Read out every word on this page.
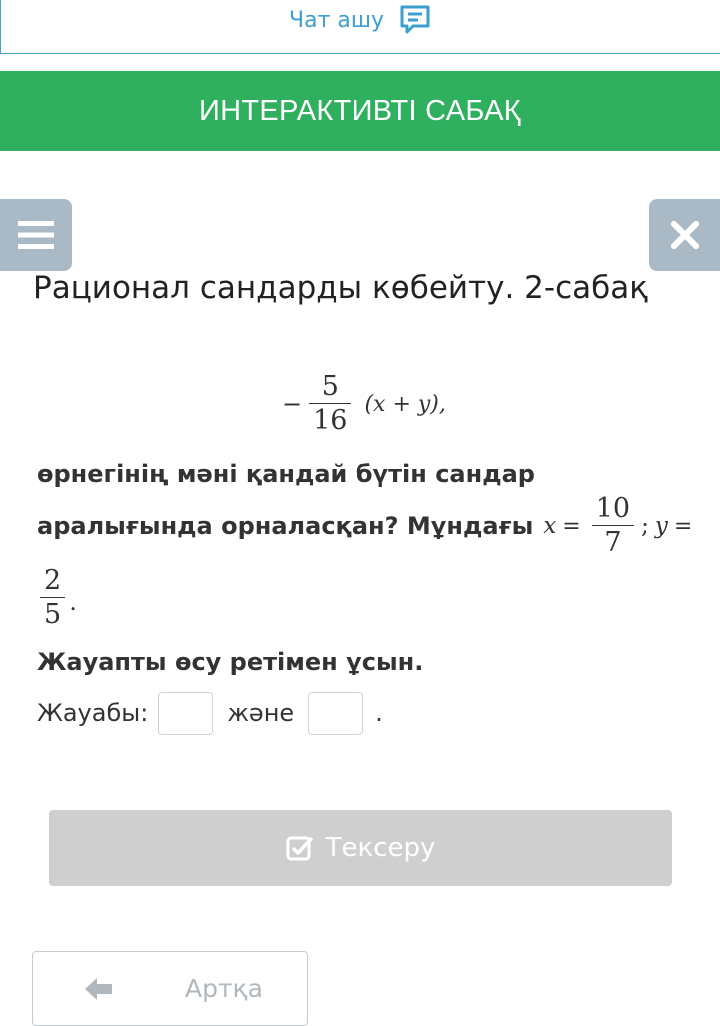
Чат ашу
ИНТЕРАКТИВТІ САБАҚ
Рационал сандарды көбейту. 2-сабақ
− $\frac{5}{16} (x + y)$,
өрнегінің мәні қандай бүтін сандар
аралығында орналасқан? Мұндағы $x = \frac{10}{7}$ ; y =
$\frac{2}{5}$ .
Жауапты өсу ретімен ұсын.
Жауабы:	және	.
Тексеру
Артқа
